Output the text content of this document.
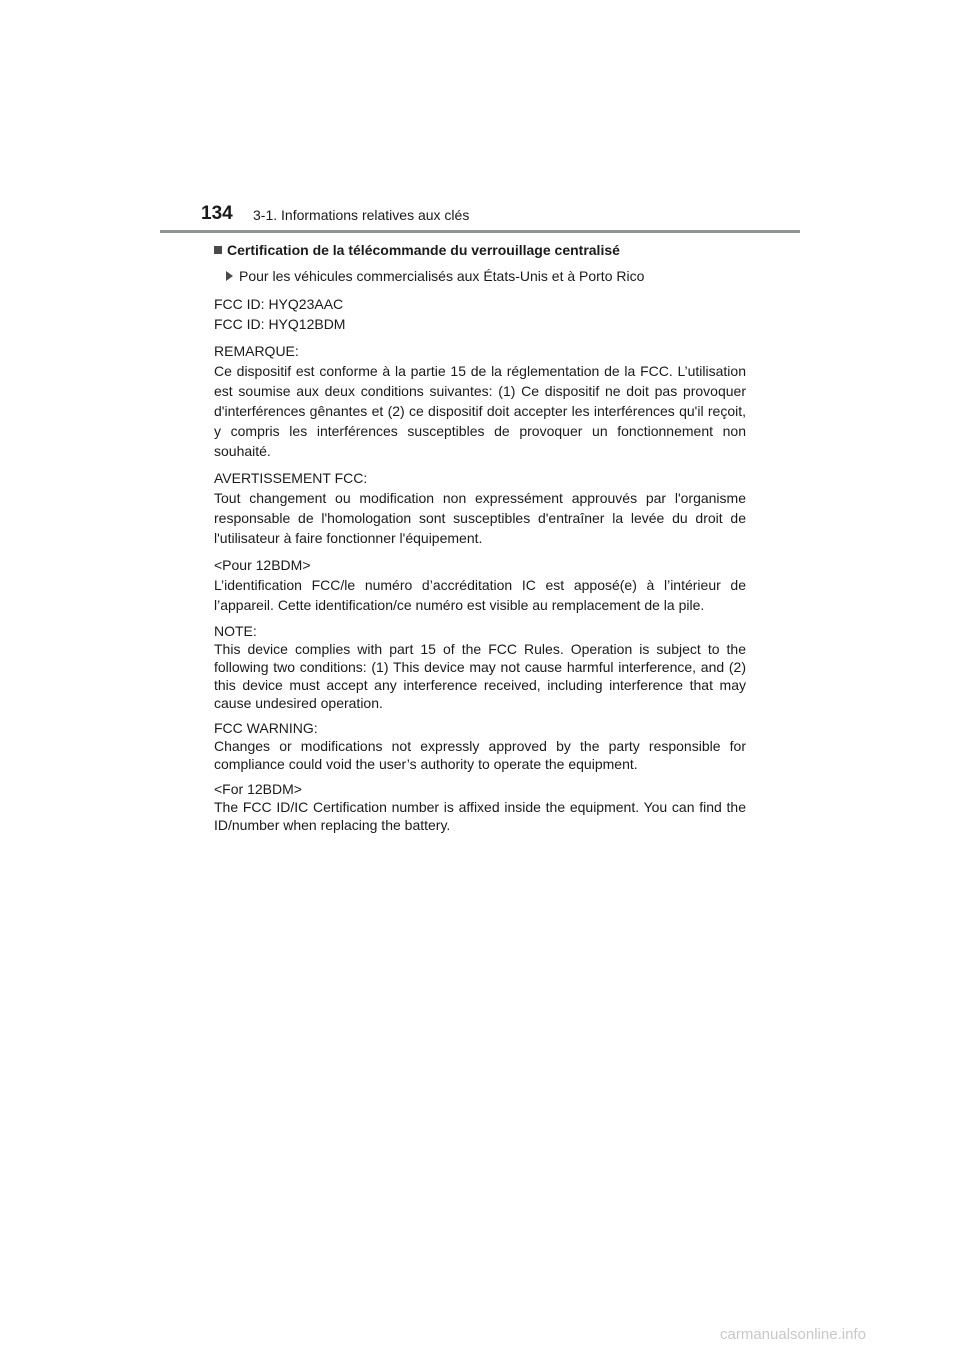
134 3-1. Informations relatives aux clés
Certification de la télécommande du verrouillage centralisé
Pour les véhicules commercialisés aux États-Unis et à Porto Rico
FCC ID: HYQ23AAC
FCC ID: HYQ12BDM
REMARQUE:
Ce dispositif est conforme à la partie 15 de la réglementation de la FCC. L’utilisation est soumise aux deux conditions suivantes: (1) Ce dispositif ne doit pas provoquer d'interférences gênantes et (2) ce dispositif doit accepter les interférences qu'il reçoit, y compris les interférences susceptibles de provoquer un fonctionnement non souhaité.
AVERTISSEMENT FCC:
Tout changement ou modification non expressément approuvés par l'organisme responsable de l'homologation sont susceptibles d'entraîner la levée du droit de l'utilisateur à faire fonctionner l'équipement.
<Pour 12BDM>
L’identification FCC/le numéro d’accréditation IC est apposé(e) à l’intérieur de l’appareil. Cette identification/ce numéro est visible au remplacement de la pile.
NOTE:
This device complies with part 15 of the FCC Rules. Operation is subject to the following two conditions: (1) This device may not cause harmful interference, and (2) this device must accept any interference received, including interference that may cause undesired operation.
FCC WARNING:
Changes or modifications not expressly approved by the party responsible for compliance could void the user’s authority to operate the equipment.
<For 12BDM>
The FCC ID/IC Certification number is affixed inside the equipment. You can find the ID/number when replacing the battery.
carmanualsonline.info
